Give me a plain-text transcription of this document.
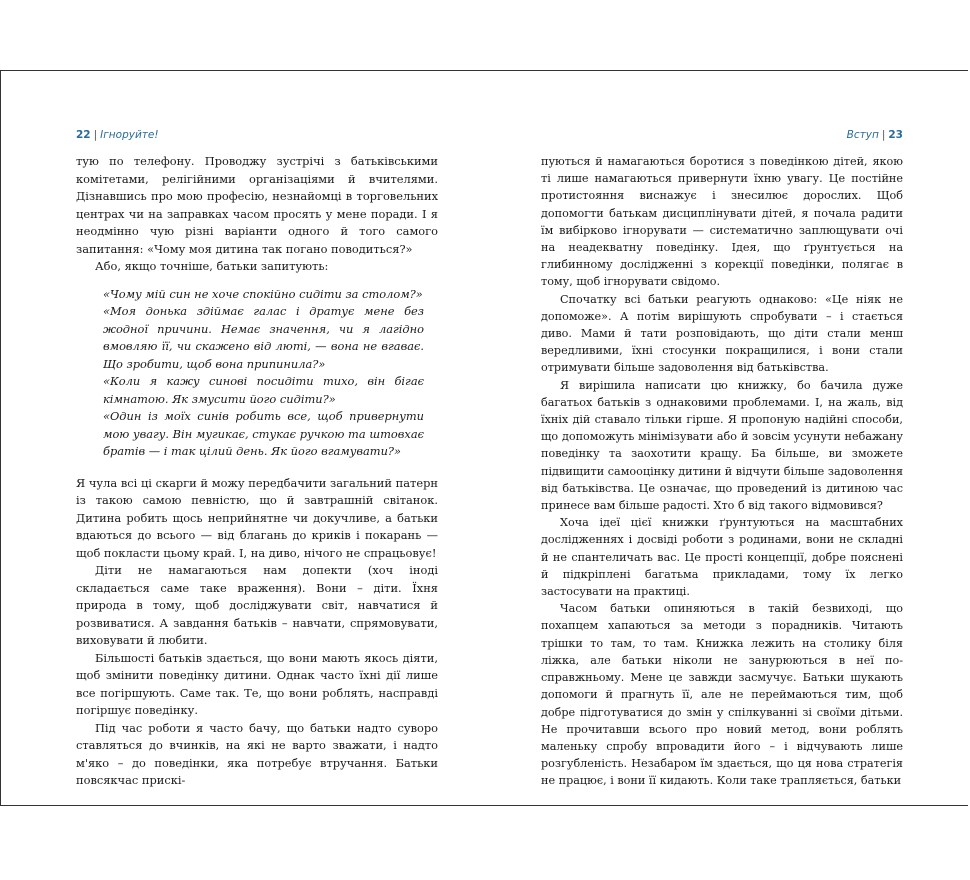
22 | Ігноруйте!

тую по телефону. Проводжу зустрічі з батьківськими комітетами, релігійними організаціями й вчителями. Дізнавшись про мою професію, незнайомці в торговельних центрах чи на заправках часом просять у мене поради. І я неодмінно чую різні варіанти одного й того самого запитання: «Чому моя дитина так погано поводиться?»

Або, якщо точніше, батьки запитують:

«Чому мій син не хоче спокійно сидіти за столом?»

«Моя донька здіймає галас і дратує мене без жодної причини. Немає значення, чи я лагідно вмовляю її, чи скажено від люті, — вона не вгаває. Що зробити, щоб вона припинила?»

«Коли я кажу синові посидіти тихо, він бігає кімнатою. Як змусити його сидіти?»

«Один із моїх синів робить все, щоб привернути мою увагу. Він мугикає, стукає ручкою та штовхає братів — і так цілий день. Як його вгамувати?»

Я чула всі ці скарги й можу передбачити загальний патерн із такою самою певністю, що й завтрашній світанок. Дитина робить щось неприйнятне чи докучливе, а батьки вдаються до всього — від благань до криків і покарань — щоб покласти цьому край. І, на диво, нічого не спрацьовує!

Діти не намагаються нам допекти (хоч іноді складається саме таке враження). Вони – діти. Їхня природа в тому, щоб досліджувати світ, навчатися й розвиватися. А завдання батьків – навчати, спрямовувати, виховувати й любити.

Більшості батьків здається, що вони мають якось діяти, щоб змінити поведінку дитини. Однак часто їхні дії лише все погіршують. Саме так. Те, що вони роблять, насправді погіршує поведінку.

Під час роботи я часто бачу, що батьки надто суворо ставляться до вчинків, на які не варто зважати, і надто м'яко – до поведінки, яка потребує втручання. Батьки повсякчас прискі-

Вступ | 23

пуються й намагаються боротися з поведінкою дітей, якою ті лише намагаються привернути їхню увагу. Це постійне протистояння виснажує і знесилює дорослих. Щоб допомогти батькам дисциплінувати дітей, я почала радити їм вибірково ігнорувати — систематично заплющувати очі на неадекватну поведінку. Ідея, що ґрунтується на глибинному дослідженні з корекції поведінки, полягає в тому, щоб ігнорувати свідомо.

Спочатку всі батьки реагують однаково: «Це ніяк не допоможе». А потім вирішують спробувати – і стається диво. Мами й тати розповідають, що діти стали менш вередливими, їхні стосунки покращилися, і вони стали отримувати більше задоволення від батьківства.

Я вирішила написати цю книжку, бо бачила дуже багатьох батьків з однаковими проблемами. І, на жаль, від їхніх дій ставало тільки гірше. Я пропоную надійні способи, що допоможуть мінімізувати або й зовсім усунути небажану поведінку та заохотити кращу. Ба більше, ви зможете підвищити самооцінку дитини й відчути більше задоволення від батьківства. Це означає, що проведений із дитиною час принесе вам більше радості. Хто б від такого відмовився?

Хоча ідеї цієї книжки ґрунтуються на масштабних дослідженнях і досвіді роботи з родинами, вони не складні й не спантеличать вас. Це прості концепції, добре пояснені й підкріплені багатьма прикладами, тому їх легко застосувати на практиці.

Часом батьки опиняються в такій безвиході, що похапцем хапаються за методи з порадників. Читають трішки то там, то там. Книжка лежить на столику біля ліжка, але батьки ніколи не занурюються в неї по-справжньому. Мене це завжди засмучує. Батьки шукають допомоги й прагнуть її, але не переймаються тим, щоб добре підготуватися до змін у спілкуванні зі своїми дітьми. Не прочитавши всього про новий метод, вони роблять маленьку спробу впровадити його – і відчувають лише розгубленість. Незабаром їм здається, що ця нова стратегія не працює, і вони її кидають. Коли таке трапляється, батьки
